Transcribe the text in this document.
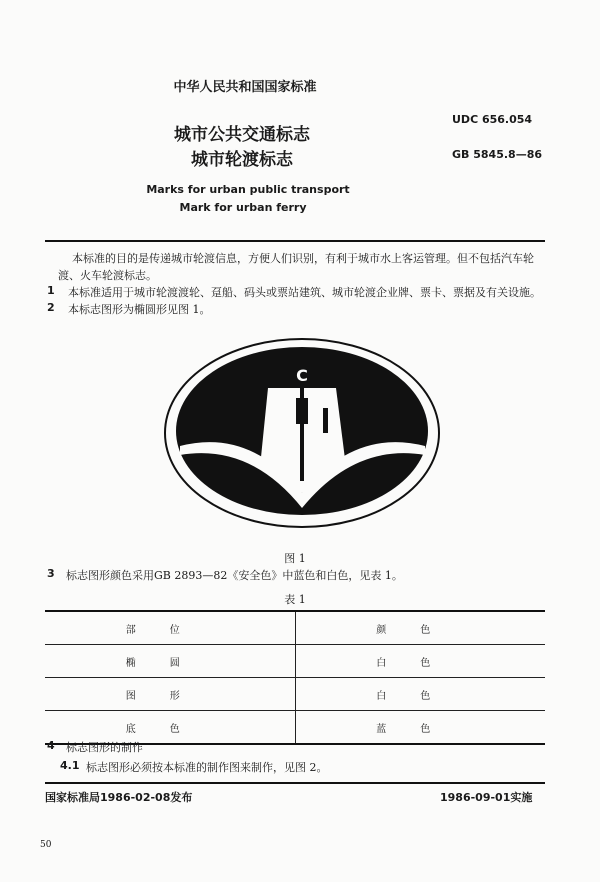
中华人民共和国国家标准
城市公共交通标志
城市轮渡标志
UDC 656.054
GB 5845.8—86
Marks for urban public transport
Mark for urban ferry
本标准的目的是传递城市轮渡信息，方便人们识别，有利于城市水上客运管理。但不包括汽车轮
渡、火车轮渡标志。
1 本标准适用于城市轮渡渡轮、趸船、码头或票站建筑、城市轮渡企业牌、票卡、票据及有关设施。
2 本标志图形为椭圆形见图 1。
C
图 1
3 标志图形颜色采用GB 2893—82《安全色》中蓝色和白色，见表 1。
表 1
部位	颜色
椭圆	白色
图形	白色
底色	蓝色
4 标志图形的制作
4.1 标志图形必须按本标准的制作图来制作，见图 2。
国家标准局1986-02-08发布	1986-09-01实施
50
